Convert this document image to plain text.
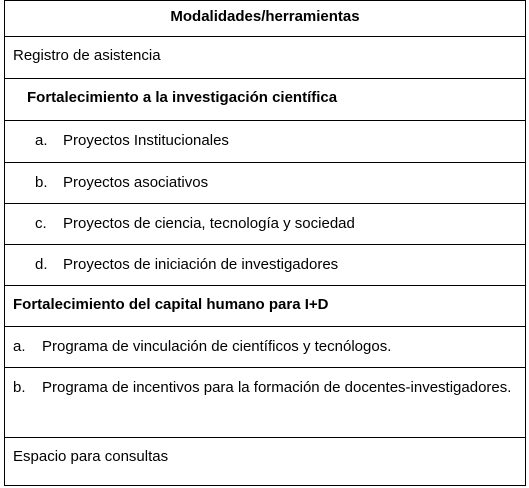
Modalidades/herramientas
Registro de asistencia
Fortalecimiento a la investigación científica
a.	Proyectos Institucionales
b.	Proyectos asociativos
c.	Proyectos de ciencia, tecnología y sociedad
d.	Proyectos de iniciación de investigadores
Fortalecimiento del capital humano para I+D
a.	Programa de vinculación de científicos y tecnólogos.
b.	Programa de incentivos para la formación de docentes-investigadores.
Espacio para consultas
